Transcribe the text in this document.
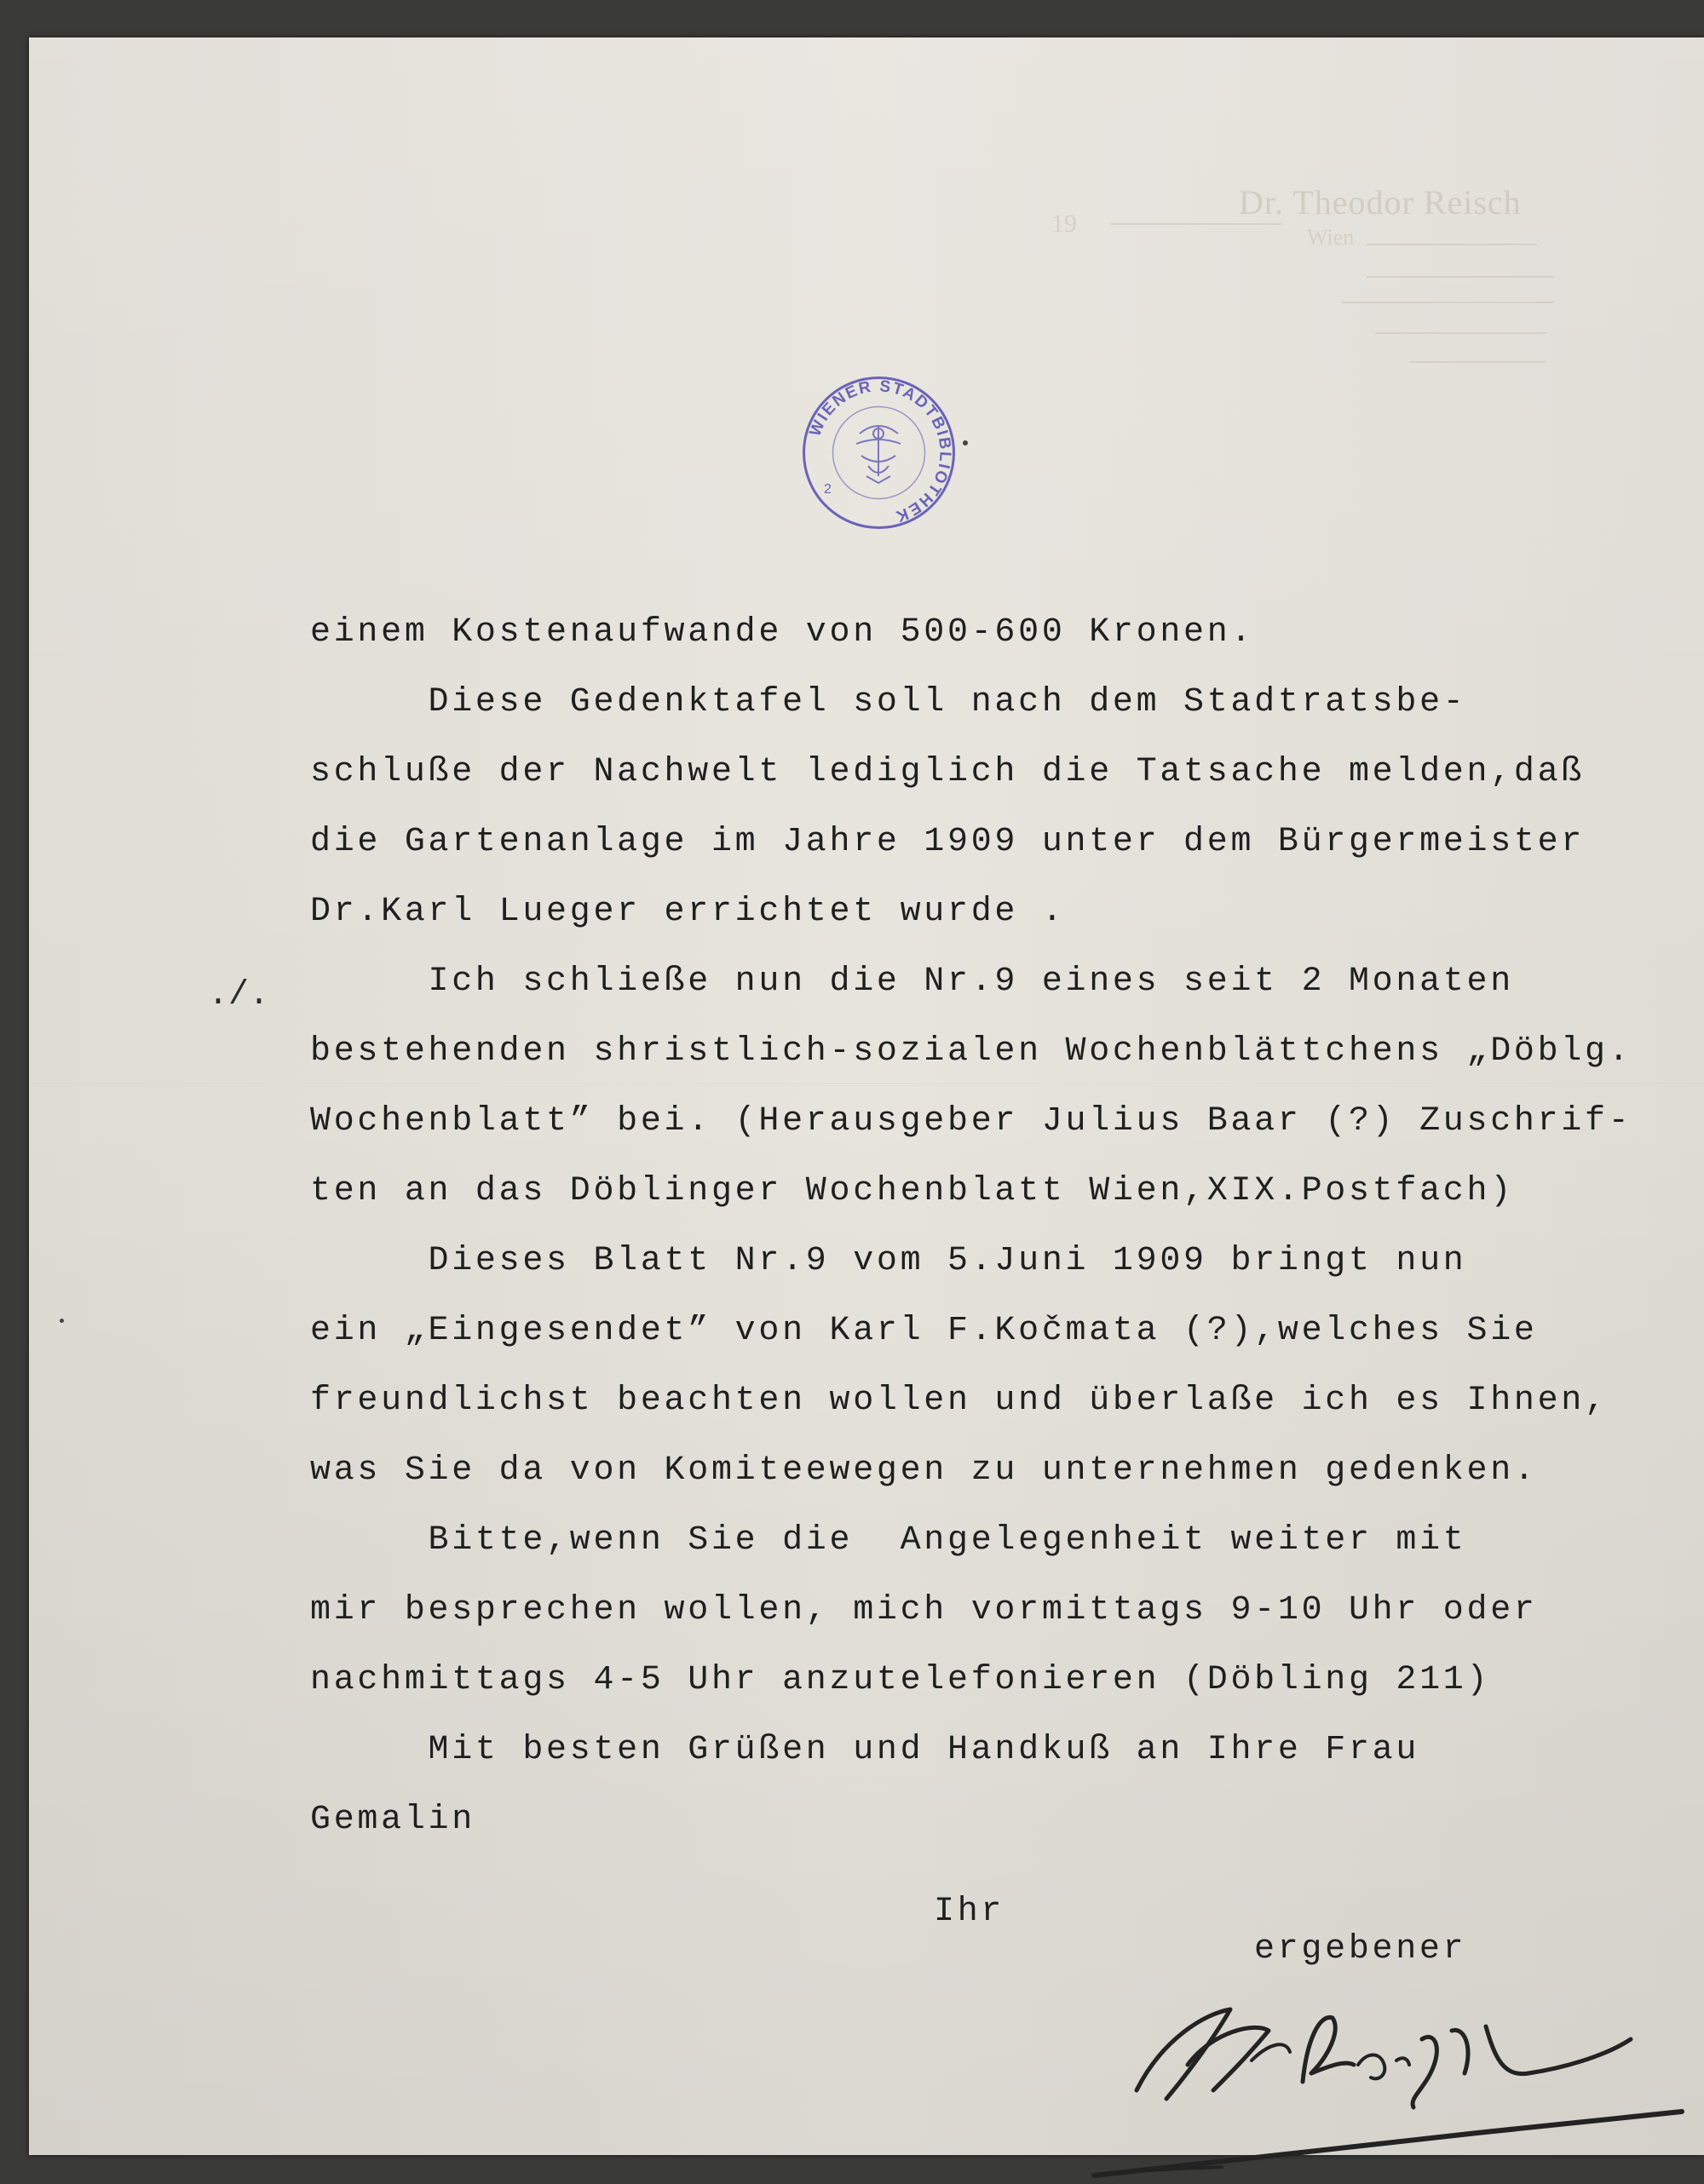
Dr. Theodor Reisch
Wien
19
WIENER STADTBIBLIOTHEK
2
./.
einem Kostenaufwande von 500-600 Kronen.
Diese Gedenktafel soll nach dem Stadtratsbe-
schluße der Nachwelt lediglich die Tatsache melden,daß
die Gartenanlage im Jahre 1909 unter dem Bürgermeister
Dr.Karl Lueger errichtet wurde .
Ich schließe nun die Nr.9 eines seit 2 Monaten
bestehenden shristlich-sozialen Wochenblättchens „Döblg.
Wochenblatt” bei. (Herausgeber Julius Baar (?) Zuschrif-
ten an das Döblinger Wochenblatt Wien,XIX.Postfach)
Dieses Blatt Nr.9 vom 5.Juni 1909 bringt nun
ein „Eingesendet” von Karl F.Kočmata (?),welches Sie
freundlichst beachten wollen und überlaße ich es Ihnen,
was Sie da von Komiteewegen zu unternehmen gedenken.
Bitte,wenn Sie die  Angelegenheit weiter mit
mir besprechen wollen, mich vormittags 9-10 Uhr oder
nachmittags 4-5 Uhr anzutelefonieren (Döbling 211)
Mit besten Grüßen und Handkuß an Ihre Frau
Gemalin
Ihr
ergebener
